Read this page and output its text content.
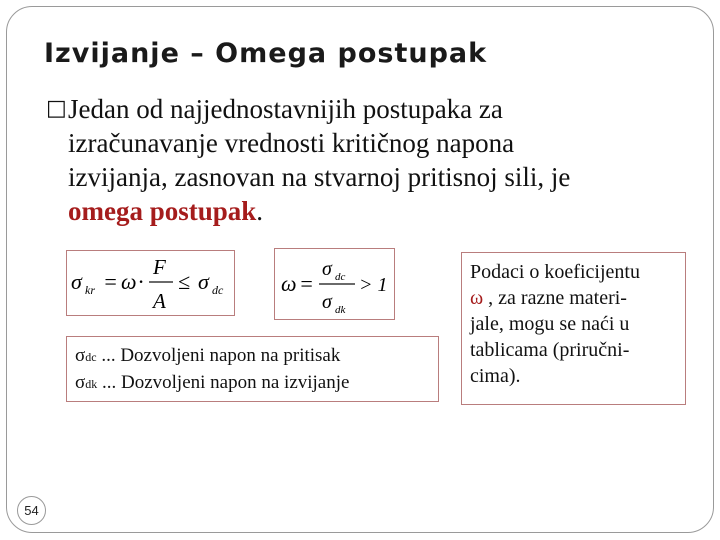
Izvijanje – Omega postupak
□ Jedan od najjednostavnijih postupaka za
izračunavanje vrednosti kritičnog napona
izvijanja, zasnovan na stvarnoj pritisnoj sili, je
omega postupak.
σ kr = ω ·
F
A
≤ σ dc	ω =
σ dc
σ dk
> 1
σdc ... Dozvoljeni napon na pritisak
σdk ... Dozvoljeni napon na izvijanje
Podaci o koeficijentu
ω , za razne materi-
jale, mogu se naći u
tablicama (priručni-
cima).
54
